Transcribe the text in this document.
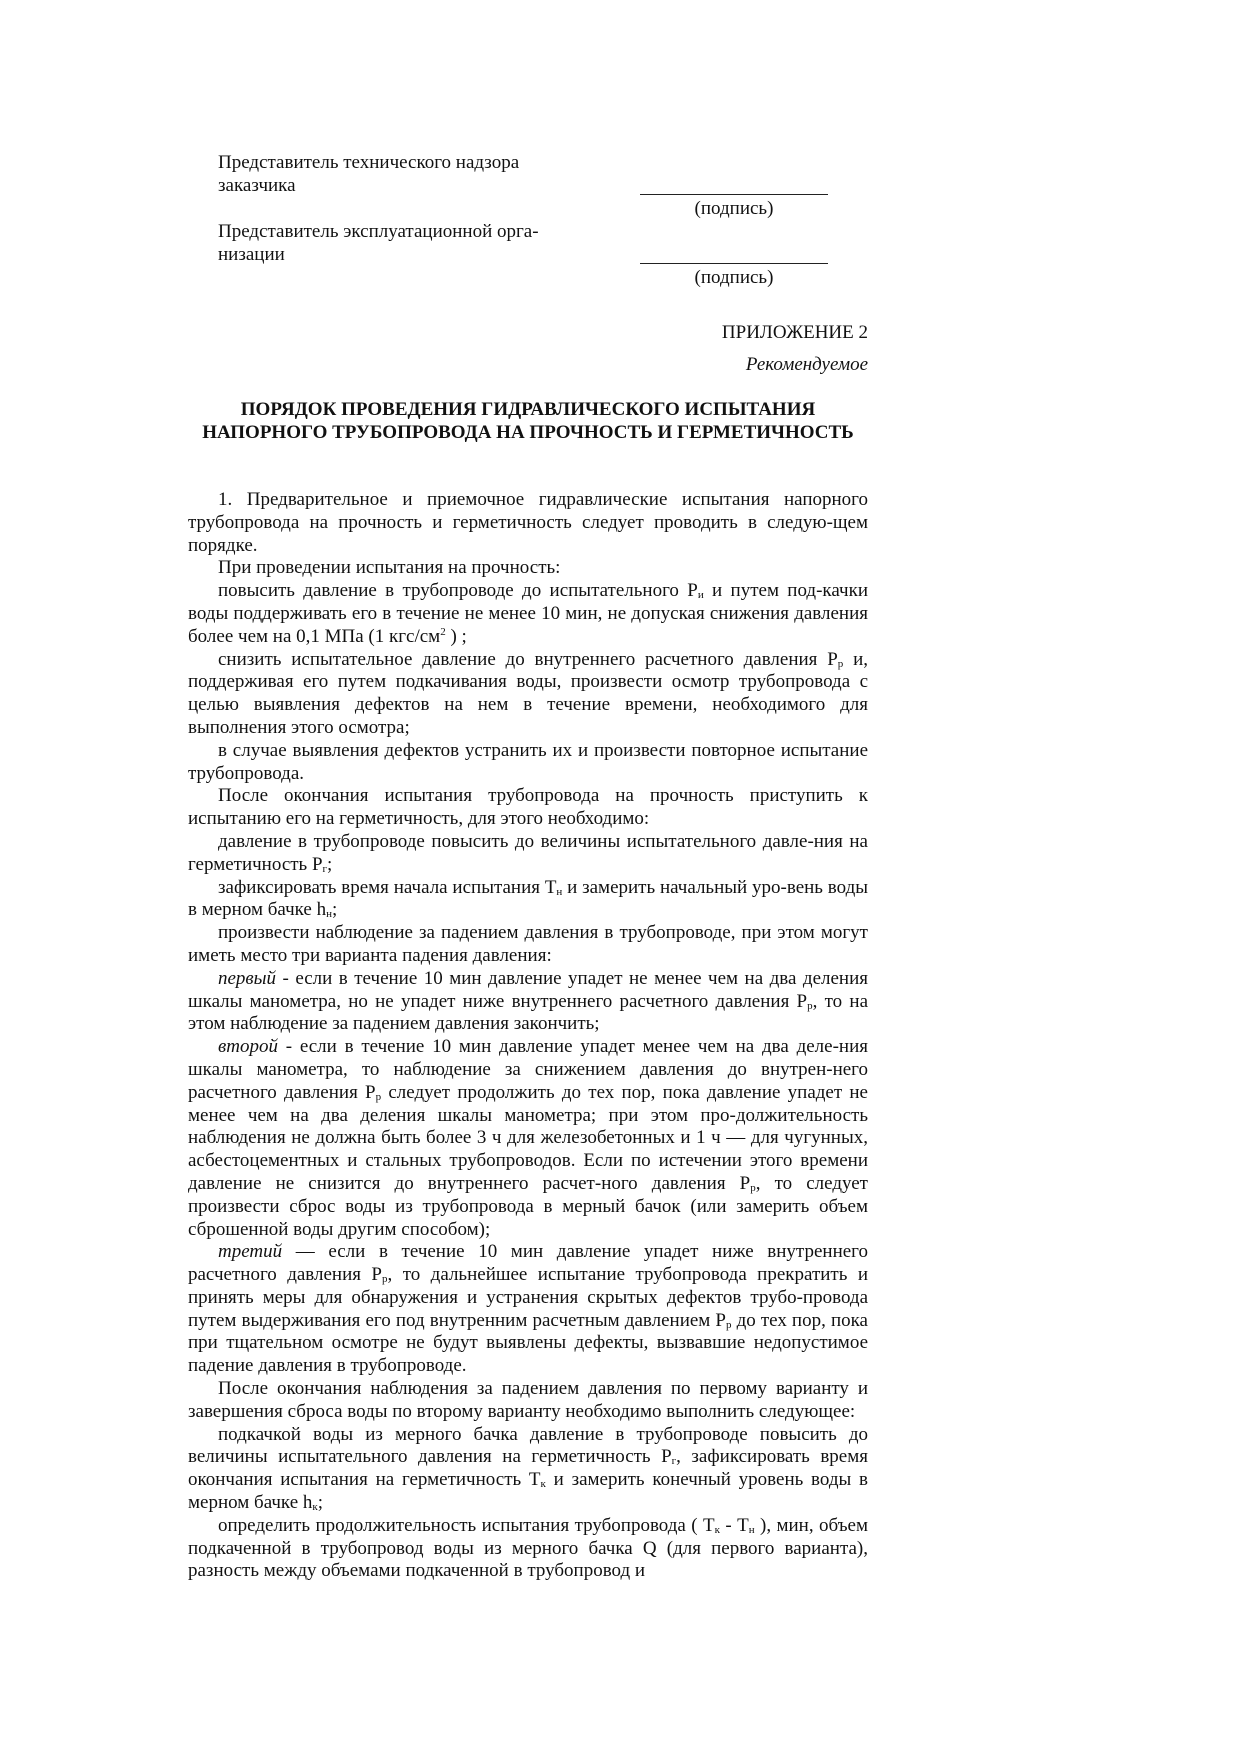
Представитель технического надзора заказчика
(подпись)
Представитель эксплуатационной орга-низации
(подпись)
ПРИЛОЖЕНИЕ 2
Рекомендуемое
ПОРЯДОК ПРОВЕДЕНИЯ ГИДРАВЛИЧЕСКОГО ИСПЫТАНИЯ НАПОРНОГО ТРУБОПРОВОДА НА ПРОЧНОСТЬ И ГЕРМЕТИЧНОСТЬ

1. Предварительное и приемочное гидравлические испытания напорного трубопровода на прочность и герметичность следует проводить в следую-щем порядке.

При проведении испытания на прочность:

повысить давление в трубопроводе до испытательного $Р_и$ и путем под-качки воды поддерживать его в течение не менее 10 мин, не допуская снижения давления более чем на 0,1 МПа (1 кгс/$см^2$ ) ;

снизить испытательное давление до внутреннего расчетного давления $Р_р$ и, поддерживая его путем подкачивания воды, произвести осмотр трубопровода с целью выявления дефектов на нем в течение времени, необходимого для выполнения этого осмотра;

в случае выявления дефектов устранить их и произвести повторное испытание трубопровода.

После окончания испытания трубопровода на прочность приступить к испытанию его на герметичность, для этого необходимо:

давление в трубопроводе повысить до величины испытательного давле-ния на герметичность $Р_г$;

зафиксировать время начала испытания $Т_н$ и замерить начальный уро-вень воды в мерном бачке $h_н$;

произвести наблюдение за падением давления в трубопроводе, при этом могут иметь место три варианта падения давления:

первый - если в течение 10 мин давление упадет не менее чем на два деления шкалы манометра, но не упадет ниже внутреннего расчетного давления $Р_р$, то на этом наблюдение за падением давления закончить;

второй - если в течение 10 мин давление упадет менее чем на два деле-ния шкалы манометра, то наблюдение за снижением давления до внутрен-него расчетного давления $Р_р$ следует продолжить до тех пор, пока давление упадет не менее чем на два деления шкалы манометра; при этом про-должительность наблюдения не должна быть более 3 ч для железобетонных и 1 ч — для чугунных, асбестоцементных и стальных трубопроводов. Если по истечении этого времени давление не снизится до внутреннего расчет-ного давления $Р_р$, то следует произвести сброс воды из трубопровода в мерный бачок (или замерить объем сброшенной воды другим способом);

третий — если в течение 10 мин давление упадет ниже внутреннего расчетного давления $Р_р$, то дальнейшее испытание трубопровода прекратить и принять меры для обнаружения и устранения скрытых дефектов трубо-провода путем выдерживания его под внутренним расчетным давлением $Р_р$ до тех пор, пока при тщательном осмотре не будут выявлены дефекты, вызвавшие недопустимое падение давления в трубопроводе.

После окончания наблюдения за падением давления по первому варианту и завершения сброса воды по второму варианту необходимо выполнить следующее:

подкачкой воды из мерного бачка давление в трубопроводе повысить до величины испытательного давления на герметичность $Р_г$, зафиксировать время окончания испытания на герметичность $Т_к$ и замерить конечный уровень воды в мерном бачке $h_к$;

определить продолжительность испытания трубопровода ( $Т_к - Т_н$ ), мин, объем подкаченной в трубопровод воды из мерного бачка Q (для первого варианта), разность между объемами подкаченной в трубопровод и
